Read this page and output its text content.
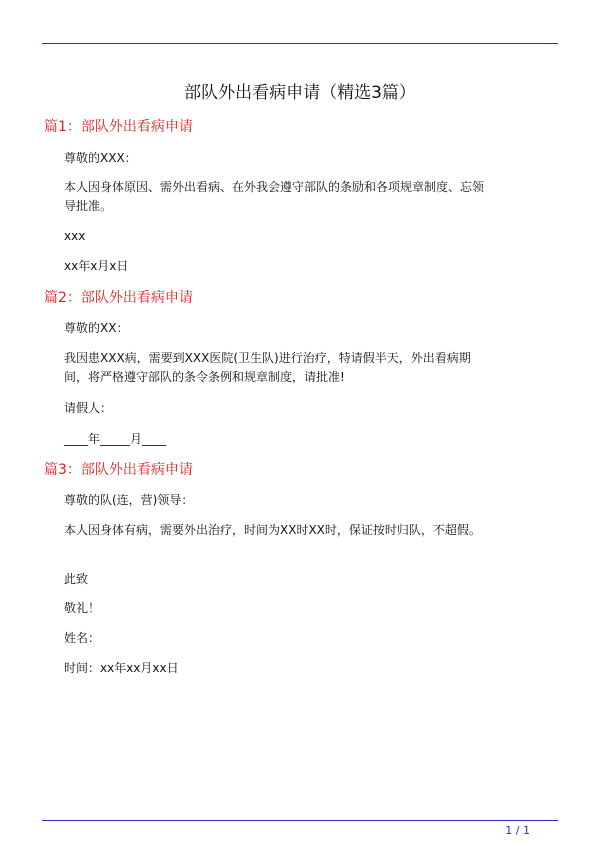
部队外出看病申请（精选3篇）
篇1：部队外出看病申请
尊敬的XXX：
本人因身体原因、需外出看病、在外我会遵守部队的条励和各项规章制度、忘领导批准。
xxx
xx年x月x日
篇2：部队外出看病申请
尊敬的XX：
我因患XXX病，需要到XXX医院(卫生队)进行治疗，特请假半天，外出看病期间，将严格遵守部队的条令条例和规章制度，请批准!
请假人：
____年_____月____
篇3：部队外出看病申请
尊敬的队(连，营)领导：
本人因身体有病，需要外出治疗，时间为XX时XX时，保证按时归队，不超假。
此致
敬礼！
姓名：
时间：xx年xx月xx日
1 / 1
